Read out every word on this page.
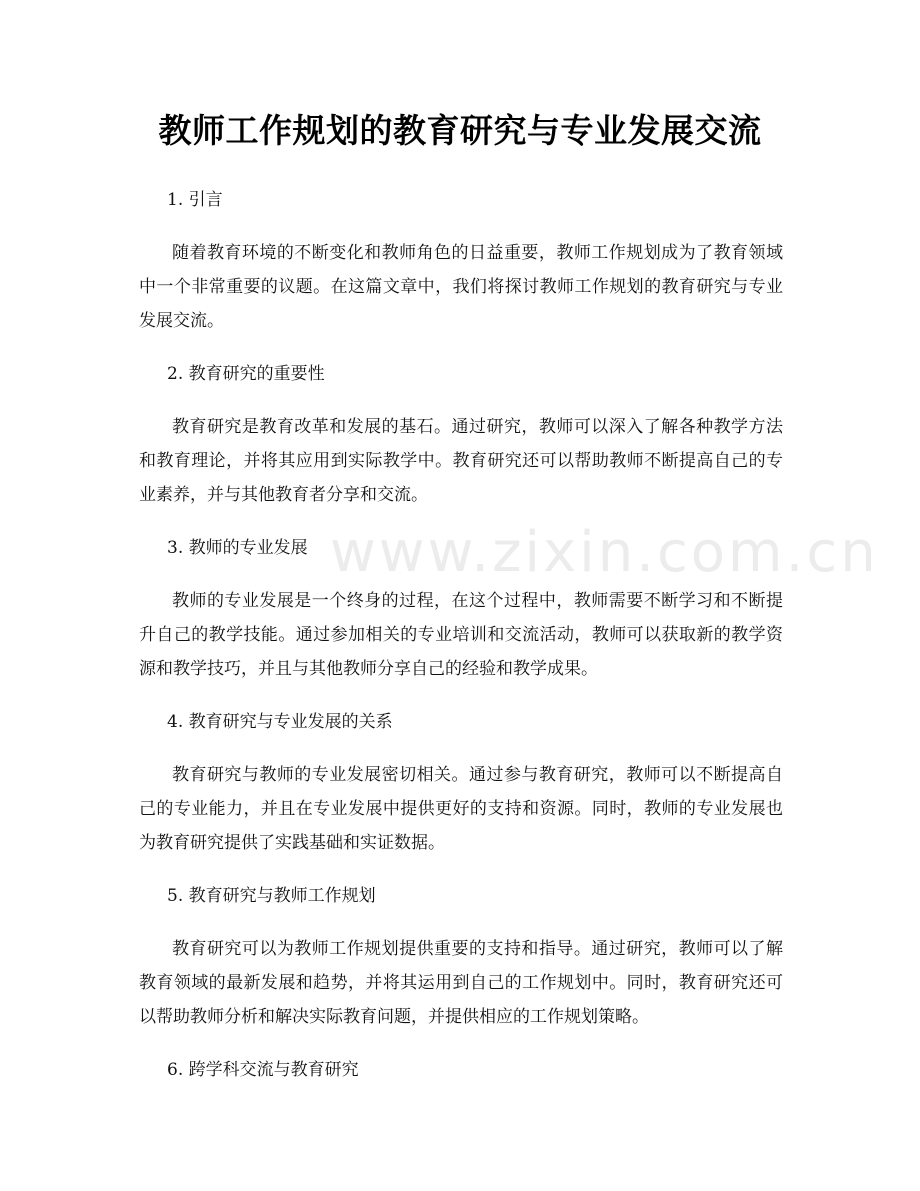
www.zixin.com.cn
教师工作规划的教育研究与专业发展交流

1. 引言

随着教育环境的不断变化和教师角色的日益重要，教师工作规划成为了教育领域中一个非常重要的议题。在这篇文章中，我们将探讨教师工作规划的教育研究与专业发展交流。

2. 教育研究的重要性

教育研究是教育改革和发展的基石。通过研究，教师可以深入了解各种教学方法和教育理论，并将其应用到实际教学中。教育研究还可以帮助教师不断提高自己的专业素养，并与其他教育者分享和交流。

3. 教师的专业发展

教师的专业发展是一个终身的过程，在这个过程中，教师需要不断学习和不断提升自己的教学技能。通过参加相关的专业培训和交流活动，教师可以获取新的教学资源和教学技巧，并且与其他教师分享自己的经验和教学成果。

4. 教育研究与专业发展的关系

教育研究与教师的专业发展密切相关。通过参与教育研究，教师可以不断提高自己的专业能力，并且在专业发展中提供更好的支持和资源。同时，教师的专业发展也为教育研究提供了实践基础和实证数据。

5. 教育研究与教师工作规划

教育研究可以为教师工作规划提供重要的支持和指导。通过研究，教师可以了解教育领域的最新发展和趋势，并将其运用到自己的工作规划中。同时，教育研究还可以帮助教师分析和解决实际教育问题，并提供相应的工作规划策略。

6. 跨学科交流与教育研究
